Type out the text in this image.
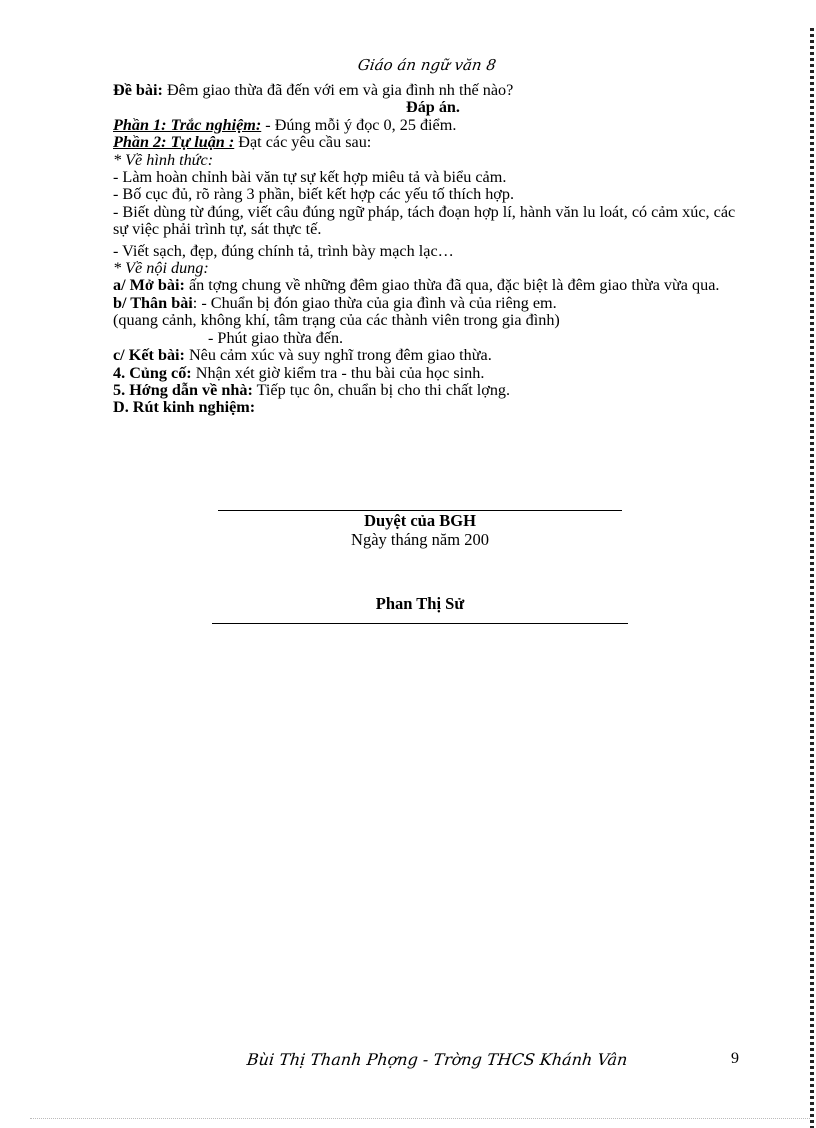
Giáo án ngữ văn 8
Đề bài: Đêm giao thừa đã đến với em và gia đình nh thế nào?
Đáp án.
Phần 1: Trắc nghiệm: - Đúng mỗi ý đọc 0, 25 điểm.
Phần 2: Tự luận : Đạt các yêu cầu sau:
* Về hình thức:
- Làm hoàn chỉnh bài văn tự sự kết hợp miêu tả và biểu cảm.
- Bố cục đủ, rõ ràng 3 phần, biết kết hợp các yếu tố thích hợp.
- Biết dùng từ đúng, viết câu đúng ngữ pháp, tách đoạn hợp lí, hành văn lu loát, có cảm xúc, các sự việc phải trình tự, sát thực tế.
- Viết sạch, đẹp, đúng chính tả, trình bày mạch lạc…
* Về nội dung:
a/ Mở bài: ấn tợng chung về những đêm giao thừa đã qua, đặc biệt là đêm giao thừa vừa qua.
b/ Thân bài: - Chuẩn bị đón giao thừa của gia đình và của riêng em.
(quang cảnh, không khí, tâm trạng của các thành viên trong gia đình)
- Phút giao thừa đến.
c/ Kết bài: Nêu cảm xúc và suy nghĩ trong đêm giao thừa.
4. Củng cố: Nhận xét giờ kiểm tra - thu bài của học sinh.
5. Hớng dẫn về nhà: Tiếp tục ôn, chuẩn bị cho thi chất lợng.
D. Rút kinh nghiệm:
Duyệt của BGH
Ngày tháng năm 200
Phan Thị Sử
Bùi Thị Thanh Phợng - Trờng THCS Khánh Vân	9
